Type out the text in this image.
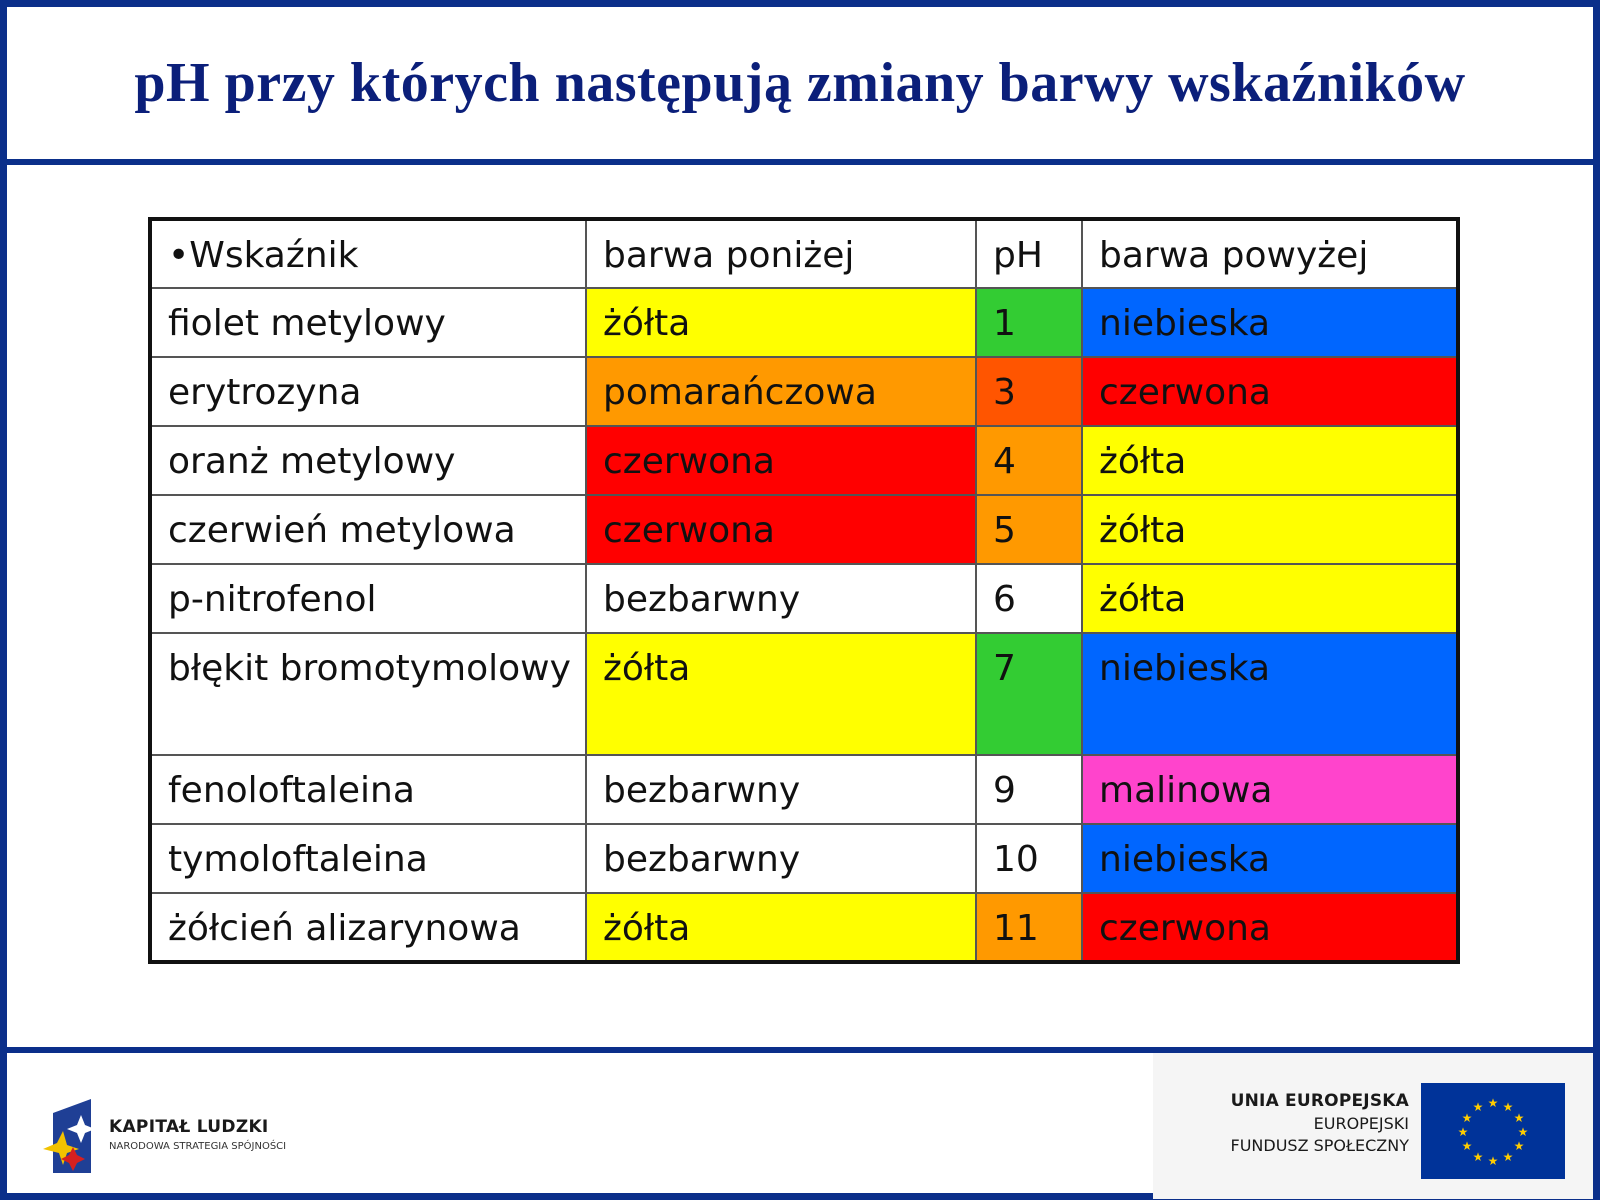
pH przy których następują zmiany barwy wskaźników
•Wskaźnik	barwa poniżej	pH	barwa powyżej
fiolet metylowy	żółta	1	niebieska
erytrozyna	pomarańczowa	3	czerwona
oranż metylowy	czerwona	4	żółta
czerwień metylowa	czerwona	5	żółta
p-nitrofenol	bezbarwny	6	żółta
błękit bromotymolowy	żółta	7	niebieska
fenoloftaleina	bezbarwny	9	malinowa
tymoloftaleina	bezbarwny	10	niebieska
żółcień alizarynowa	żółta	11	czerwona
KAPITAŁ LUDZKI
NARODOWA STRATEGIA SPÓJNOŚCI
UNIA EUROPEJSKA
EUROPEJSKI
FUNDUSZ SPOŁECZNY
★ ★
★
★
★
★
★
★
★
★
★
★
